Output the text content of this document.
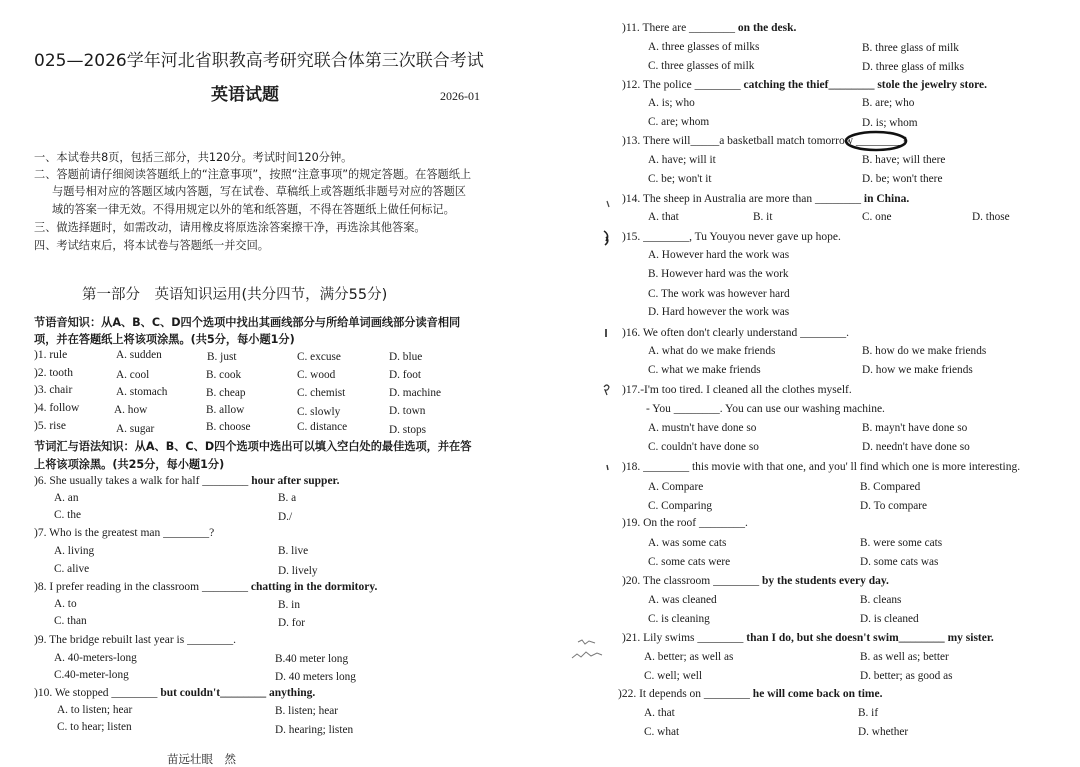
025—2026学年河北省职教高考研究联合体第三次联合考试
英语试题	2026-01
一、本试卷共8页，包括三部分，共120分。考试时间120分钟。
二、答题前请仔细阅读答题纸上的“注意事项”，按照“注意事项”的规定答题。在答题纸上
与题号相对应的答题区域内答题，写在试卷、草稿纸上或答题纸非题号对应的答题区
域的答案一律无效。不得用规定以外的笔和纸答题，不得在答题纸上做任何标记。
三、做选择题时，如需改动，请用橡皮将原选涂答案擦干净，再选涂其他答案。
四、考试结束后，将本试卷与答题纸一并交回。
第一部分　英语知识运用(共分四节，满分55分)
节语音知识：从A、B、C、D四个选项中找出其画线部分与所给单词画线部分读音相同
项，并在答题纸上将该项涂黑。(共5分，每小题1分)
)1. rule	A. sudden	B. just	C. excuse	D. blue
)2. tooth	A. cool	B. cook	C. wood	D. foot
)3. chair	A. stomach	B. cheap	C. chemist	D. machine
)4. follow	A. how	B. allow	C. slowly	D. town
)5. rise	A. sugar	B. choose	C. distance	D. stops
节词汇与语法知识：从A、B、C、D四个选项中选出可以填入空白处的最佳选项，并在答
上将该项涂黑。(共25分，每小题1分)
)6. She usually takes a walk for half ________ hour after supper.
A. an	B. a
C. the	D./
)7. Who is the greatest man ________?
A. living	B. live
C. alive	D. lively
)8. I prefer reading in the classroom ________ chatting in the dormitory.
A. to	B. in
C. than	D. for
)9. The bridge rebuilt last year is ________.
A. 40-meters-long	B.40 meter long
C.40-meter-long	D. 40 meters long
)10. We stopped ________ but couldn't________ anything.
A. to listen; hear	B. listen; hear
C. to hear; listen	D. hearing; listen
苗远壮眼　然
)11. There are ________ on the desk.
A. three glasses of milks	B. three glass of milk
C. three glasses of milk	D. three glass of milks
)12. The police ________ catching the thief________ stole the jewelry store.
A. is; who	B. are; who
C. are; whom	D. is; whom
)13. There will_____a basketball match tomorrow ________?
A. have; will it	B. have; will there
C. be; won't it	D. be; won't there
)14. The sheep in Australia are more than ________ in China.
A. that	B. it	C. one	D. those
)15. ________, Tu Youyou never gave up hope.
A. However hard the work was
B. However hard was the work
C. The work was however hard
D. Hard however the work was
)16. We often don't clearly understand ________.
A. what do we make friends	B. how do we make friends
C. what we make friends	D. how we make friends
)17.-I'm too tired. I cleaned all the clothes myself.
- You ________. You can use our washing machine.
A. mustn't have done so	B. mayn't have done so
C. couldn't have done so	D. needn't have done so
)18. ________ this movie with that one, and you' ll find which one is more interesting.
A. Compare	B. Compared
C. Comparing	D. To compare
)19. On the roof ________.
A. was some cats	B. were some cats
C. some cats were	D. some cats was
)20. The classroom ________ by the students every day.
A. was cleaned	B. cleans
C. is cleaning	D. is cleaned
)21. Lily swims ________ than I do, but she doesn't swim________ my sister.
A. better; as well as	B. as well as; better
C. well; well	D. better; as good as
)22. It depends on ________ he will come back on time.
A. that	B. if
C. what	D. whether
